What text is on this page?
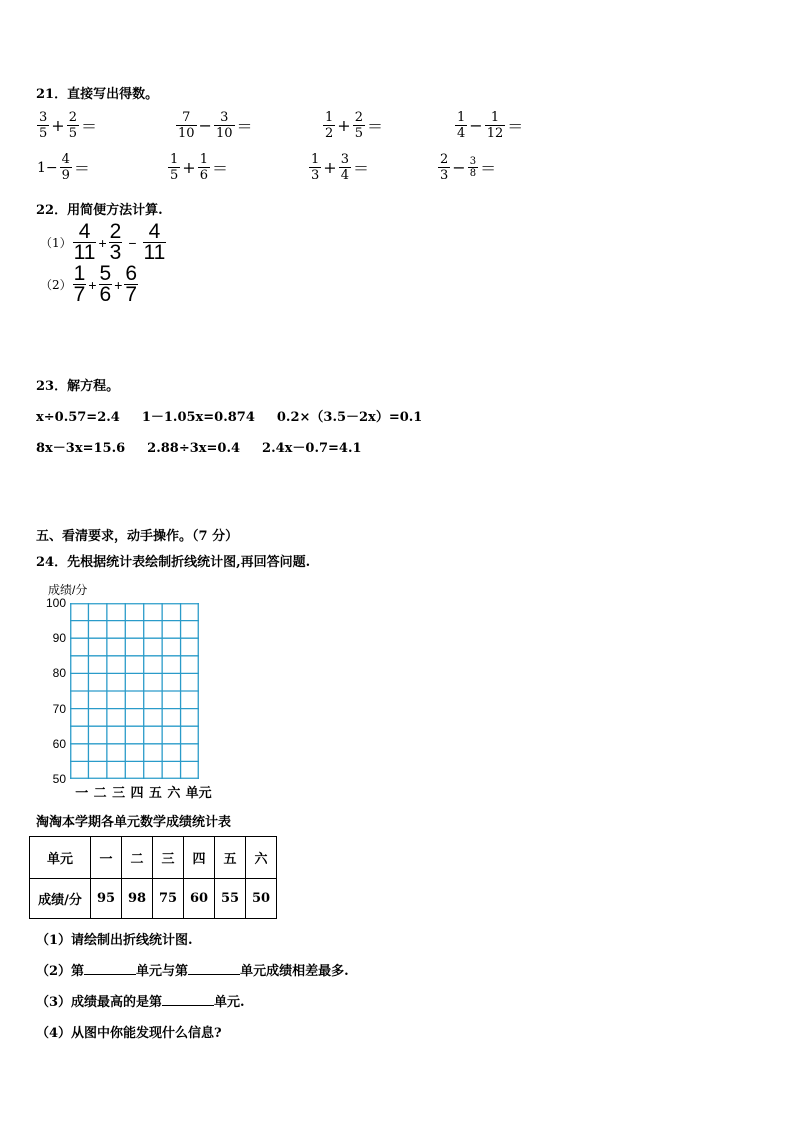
21．直接写出得数。
$\frac{3}{5} + \frac{2}{5}$ ＝	$\frac{7}{10} - \frac{3}{10}$ ＝	$\frac{1}{2} + \frac{2}{5}$ ＝	$\frac{1}{4} - \frac{1}{12}$ ＝
$1- \frac{4}{9}$ ＝	$\frac{1}{5} + \frac{1}{6}$ ＝	$\frac{1}{3} + \frac{3}{4}$ ＝	$\frac{2}{3} - \frac{3}{8}$ ＝
22．用简便方法计算.
$(1) \frac{4}{11} + \frac{2}{3} - \frac{4}{11}$
$(2) \frac{1}{7} + \frac{5}{6} + \frac{6}{7}$
23．解方程。
x÷0.57=2.4 1－1.05x=0.874 0.2×（3.5－2x）=0.1
8x－3x=15.6 2.88÷3x=0.4 2.4x－0.7=4.1
五、看清要求，动手操作。（7 分）
24．先根据统计表绘制折线统计图,再回答问题.
成绩/分
50
60
70
80
90
100
一 二 三 四 五 六 单元
淘淘本学期各单元数学成绩统计表
单元	一	二	三	四	五	六
成绩/分	95	98	75	60	55	50
（1）请绘制出折线统计图.
（2）第	单元与第	单元成绩相差最多.
（3）成绩最高的是第	单元.
（4）从图中你能发现什么信息?
